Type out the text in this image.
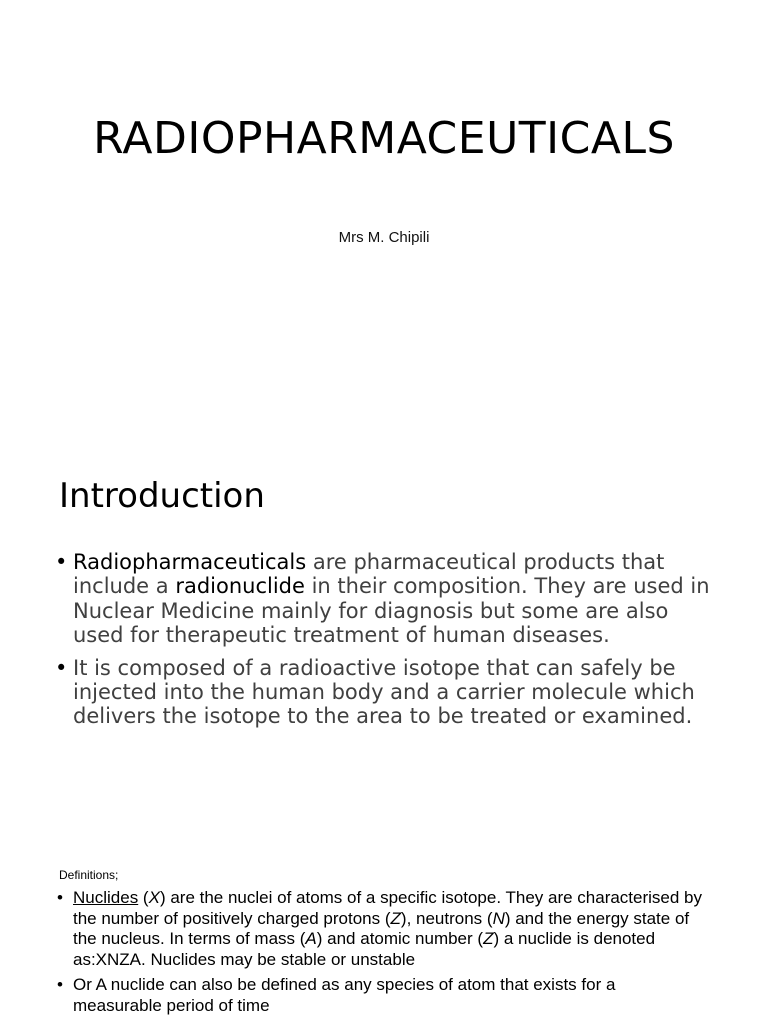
RADIOPHARMACEUTICALS

Mrs M. Chipili

Introduction
• Radiopharmaceuticals are pharmaceutical products that include a radionuclide in their composition. They are used in Nuclear Medicine mainly for diagnosis but some are also used for therapeutic treatment of human diseases.
• It is composed of a radioactive isotope that can safely be injected into the human body and a carrier molecule which delivers the isotope to the area to be treated or examined.

Definitions;

• Nuclides (X) are the nuclei of atoms of a specific isotope. They are characterised by the number of positively charged protons (Z), neutrons (N) and the energy state of the nucleus. In terms of mass (A) and atomic number (Z) a nuclide is denoted as:XNZA. Nuclides may be stable or unstable
• Or A nuclide can also be defined as any species of atom that exists for a measurable period of time
